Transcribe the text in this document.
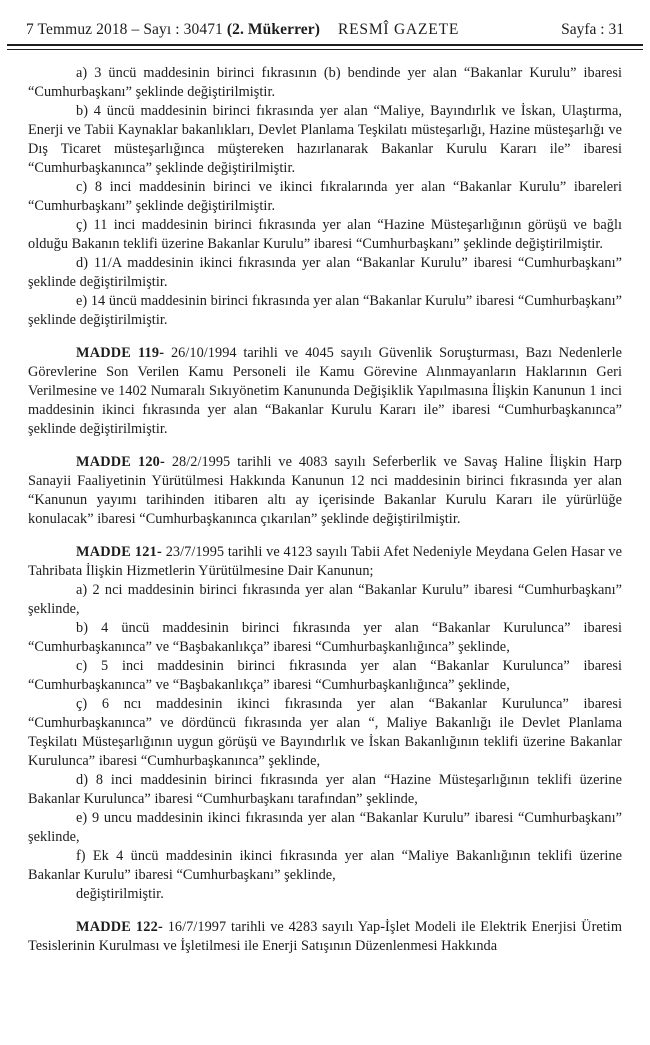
7 Temmuz 2018 – Sayı : 30471 (2. Mükerrer) RESMÎ GAZETE	Sayfa : 31

a) 3 üncü maddesinin birinci fıkrasının (b) bendinde yer alan “Bakanlar Kurulu” ibaresi “Cumhurbaşkanı” şeklinde değiştirilmiştir.

b) 4 üncü maddesinin birinci fıkrasında yer alan “Maliye, Bayındırlık ve İskan, Ulaştırma, Enerji ve Tabii Kaynaklar bakanlıkları, Devlet Planlama Teşkilatı müsteşarlığı, Hazine müsteşarlığı ve Dış Ticaret müsteşarlığınca müştereken hazırlanarak Bakanlar Kurulu Kararı ile” ibaresi “Cumhurbaşkanınca” şeklinde değiştirilmiştir.

c) 8 inci maddesinin birinci ve ikinci fıkralarında yer alan “Bakanlar Kurulu” ibareleri “Cumhurbaşkanı” şeklinde değiştirilmiştir.

ç) 11 inci maddesinin birinci fıkrasında yer alan “Hazine Müsteşarlığının görüşü ve bağlı olduğu Bakanın teklifi üzerine Bakanlar Kurulu” ibaresi “Cumhurbaşkanı” şeklinde değiştirilmiştir.

d) 11/A maddesinin ikinci fıkrasında yer alan “Bakanlar Kurulu” ibaresi “Cumhurbaşkanı” şeklinde değiştirilmiştir.

e) 14 üncü maddesinin birinci fıkrasında yer alan “Bakanlar Kurulu” ibaresi “Cumhurbaşkanı” şeklinde değiştirilmiştir.

MADDE 119- 26/10/1994 tarihli ve 4045 sayılı Güvenlik Soruşturması, Bazı Nedenlerle Görevlerine Son Verilen Kamu Personeli ile Kamu Görevine Alınmayanların Haklarının Geri Verilmesine ve 1402 Numaralı Sıkıyönetim Kanununda Değişiklik Yapılmasına İlişkin Kanunun 1 inci maddesinin ikinci fıkrasında yer alan “Bakanlar Kurulu Kararı ile” ibaresi “Cumhurbaşkanınca” şeklinde değiştirilmiştir.

MADDE 120- 28/2/1995 tarihli ve 4083 sayılı Seferberlik ve Savaş Haline İlişkin Harp Sanayii Faaliyetinin Yürütülmesi Hakkında Kanunun 12 nci maddesinin birinci fıkrasında yer alan “Kanunun yayımı tarihinden itibaren altı ay içerisinde Bakanlar Kurulu Kararı ile yürürlüğe konulacak” ibaresi “Cumhurbaşkanınca çıkarılan” şeklinde değiştirilmiştir.

MADDE 121- 23/7/1995 tarihli ve 4123 sayılı Tabii Afet Nedeniyle Meydana Gelen Hasar ve Tahribata İlişkin Hizmetlerin Yürütülmesine Dair Kanunun;

a) 2 nci maddesinin birinci fıkrasında yer alan “Bakanlar Kurulu” ibaresi “Cumhurbaşkanı” şeklinde,

b) 4 üncü maddesinin birinci fıkrasında yer alan “Bakanlar Kurulunca” ibaresi “Cumhurbaşkanınca” ve “Başbakanlıkça” ibaresi “Cumhurbaşkanlığınca” şeklinde,

c) 5 inci maddesinin birinci fıkrasında yer alan “Bakanlar Kurulunca” ibaresi “Cumhurbaşkanınca” ve “Başbakanlıkça” ibaresi “Cumhurbaşkanlığınca” şeklinde,

ç) 6 ncı maddesinin ikinci fıkrasında yer alan “Bakanlar Kurulunca” ibaresi “Cumhurbaşkanınca” ve dördüncü fıkrasında yer alan “, Maliye Bakanlığı ile Devlet Planlama Teşkilatı Müsteşarlığının uygun görüşü ve Bayındırlık ve İskan Bakanlığının teklifi üzerine Bakanlar Kurulunca” ibaresi “Cumhurbaşkanınca” şeklinde,

d) 8 inci maddesinin birinci fıkrasında yer alan “Hazine Müsteşarlığının teklifi üzerine Bakanlar Kurulunca” ibaresi “Cumhurbaşkanı tarafından” şeklinde,

e) 9 uncu maddesinin ikinci fıkrasında yer alan “Bakanlar Kurulu” ibaresi “Cumhurbaşkanı” şeklinde,

f) Ek 4 üncü maddesinin ikinci fıkrasında yer alan “Maliye Bakanlığının teklifi üzerine Bakanlar Kurulu” ibaresi “Cumhurbaşkanı” şeklinde,

değiştirilmiştir.

MADDE 122- 16/7/1997 tarihli ve 4283 sayılı Yap-İşlet Modeli ile Elektrik Enerjisi Üretim Tesislerinin Kurulması ve İşletilmesi ile Enerji Satışının Düzenlenmesi Hakkında
